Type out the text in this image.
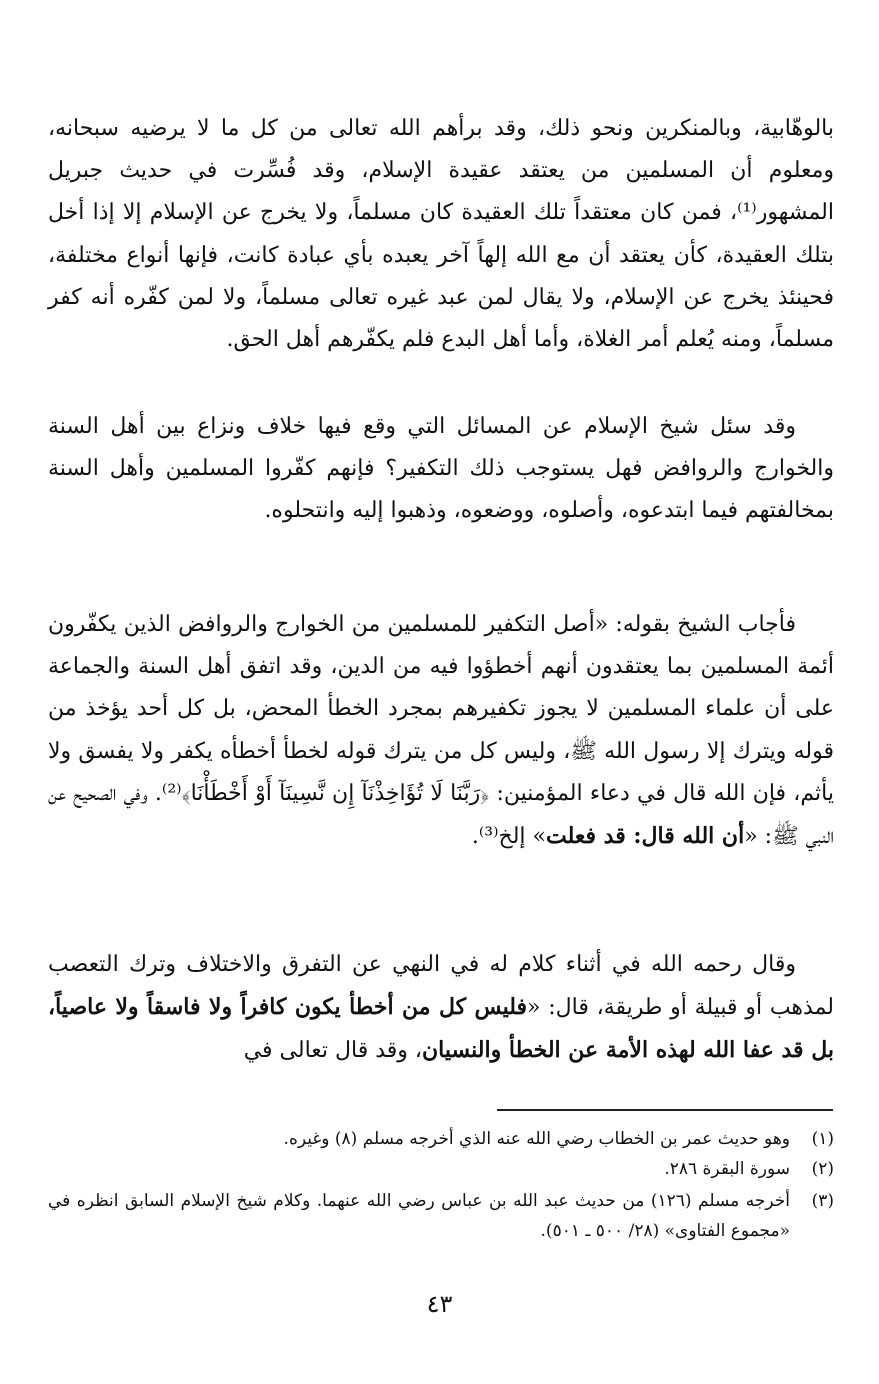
بالوهّابية، وبالمنكرين ونحو ذلك، وقد برأهم الله تعالى من كل ما لا يرضيه سبحانه، ومعلوم أن المسلمين من يعتقد عقيدة الإسلام، وقد فُسِّرت في حديث جبريل المشهور⁽¹⁾، فمن كان معتقداً تلك العقيدة كان مسلماً، ولا يخرج عن الإسلام إلا إذا أخل بتلك العقيدة، كأن يعتقد أن مع الله إلهاً آخر يعبده بأي عبادة كانت، فإنها أنواع مختلفة، فحينئذ يخرج عن الإسلام، ولا يقال لمن عبد غيره تعالى مسلماً، ولا لمن كفّره أنه كفر مسلماً، ومنه يُعلم أمر الغلاة، وأما أهل البدع فلم يكفّرهم أهل الحق.

وقد سئل شيخ الإسلام عن المسائل التي وقع فيها خلاف ونزاع بين أهل السنة والخوارج والروافض فهل يستوجب ذلك التكفير؟ فإنهم كفّروا المسلمين وأهل السنة بمخالفتهم فيما ابتدعوه، وأصلوه، ووضعوه، وذهبوا إليه وانتحلوه.

فأجاب الشيخ بقوله: «أصل التكفير للمسلمين من الخوارج والروافض الذين يكفّرون أئمة المسلمين بما يعتقدون أنهم أخطؤوا فيه من الدين، وقد اتفق أهل السنة والجماعة على أن علماء المسلمين لا يجوز تكفيرهم بمجرد الخطأ المحض، بل كل أحد يؤخذ من قوله ويترك إلا رسول الله ﷺ، وليس كل من يترك قوله لخطأ أخطأه يكفر ولا يفسق ولا يأثم، فإن الله قال في دعاء المؤمنين: ﴿رَبَّنَا لَا تُؤَاخِذْنَآ إِن نَّسِينَآ أَوْ أَخْطَأْنَا﴾⁽²⁾. وفي الصحيح عن النبي ﷺ: «أن الله قال: قد فعلت» إلخ⁽³⁾.

وقال رحمه الله في أثناء كلام له في النهي عن التفرق والاختلاف وترك التعصب لمذهب أو قبيلة أو طريقة، قال: «فليس كل من أخطأ يكون كافراً ولا فاسقاً ولا عاصياً، بل قد عفا الله لهذه الأمة عن الخطأ والنسيان، وقد قال تعالى في

(١)
وهو حديث عمر بن الخطاب رضي الله عنه الذي أخرجه مسلم (٨) وغيره.

(٢)
سورة البقرة ٢٨٦.

(٣)
أخرجه مسلم (١٢٦) من حديث عبد الله بن عباس رضي الله عنهما. وكلام شيخ الإسلام السابق انظره في «مجموع الفتاوى» (٢٨/ ٥٠٠ ـ ٥٠١).

٤٣
